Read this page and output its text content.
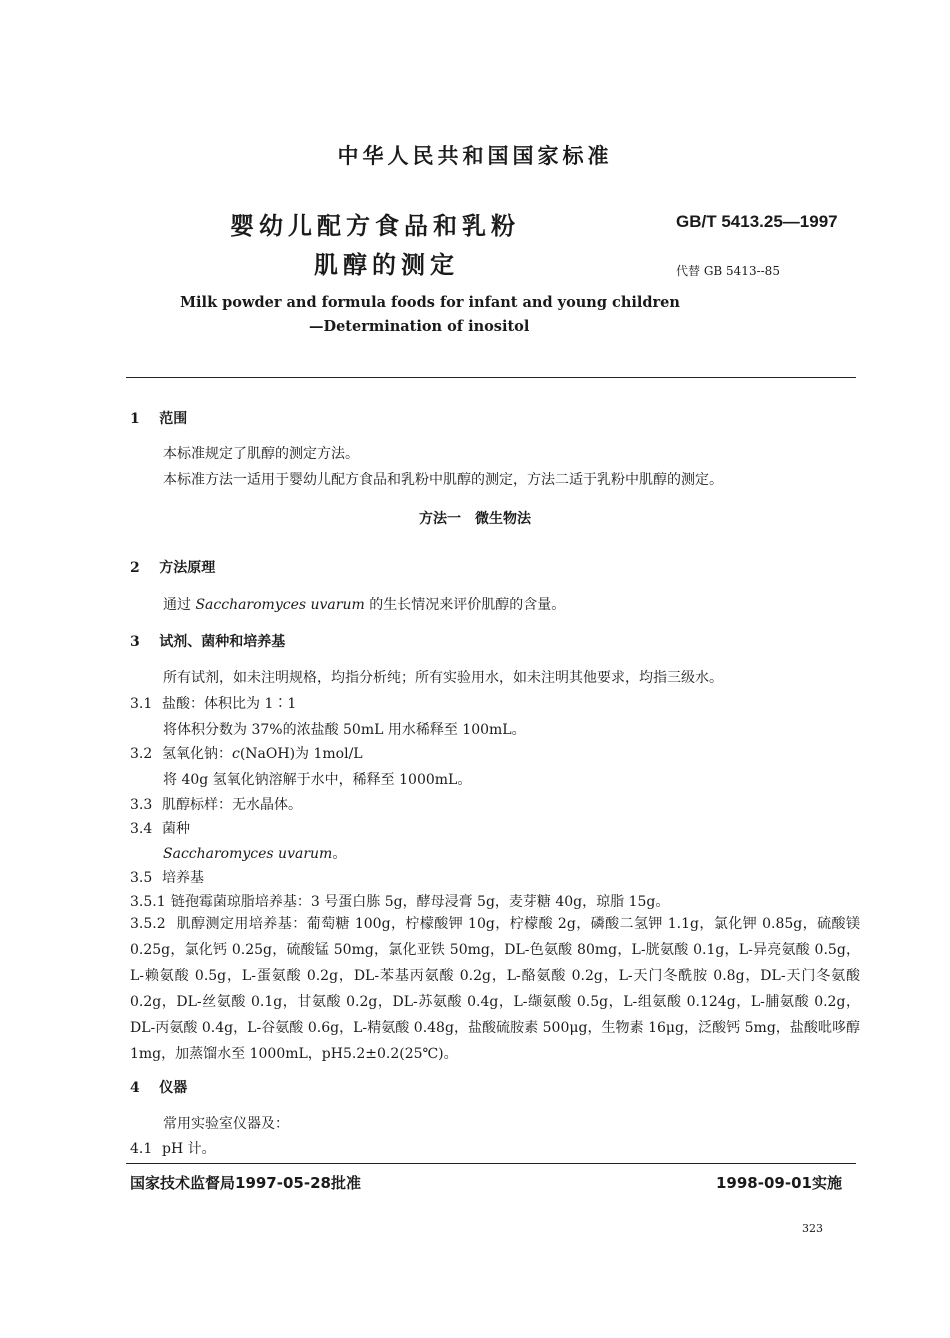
中华人民共和国国家标准
婴幼儿配方食品和乳粉
肌醇的测定
GB/T 5413.25—1997
代替 GB 5413--85
Milk powder and formula foods for infant and young children
—Determination of inositol
1 范围
本标准规定了肌醇的测定方法。
本标准方法一适用于婴幼儿配方食品和乳粉中肌醇的测定，方法二适于乳粉中肌醇的测定。
方法一　微生物法
2 方法原理
通过 Saccharomyces uvarum 的生长情况来评价肌醇的含量。
3 试剂、菌种和培养基
所有试剂，如未注明规格，均指分析纯；所有实验用水，如未注明其他要求，均指三级水。
3.1 盐酸：体积比为 1∶1
将体积分数为 37%的浓盐酸 50mL 用水稀释至 100mL。
3.2 氢氧化钠：c(NaOH)为 1mol/L
将 40g 氢氧化钠溶解于水中，稀释至 1000mL。
3.3 肌醇标样：无水晶体。
3.4 菌种
Saccharomyces uvarum。
3.5 培养基
3.5.1 链孢霉菌琼脂培养基：3 号蛋白胨 5g，酵母浸膏 5g，麦芽糖 40g，琼脂 15g。
3.5.2 肌醇测定用培养基：葡萄糖 100g，柠檬酸钾 10g，柠檬酸 2g，磷酸二氢钾 1.1g，氯化钾 0.85g，硫酸镁 0.25g，氯化钙 0.25g，硫酸锰 50mg，氯化亚铁 50mg，DL-色氨酸 80mg，L-胱氨酸 0.1g，L-异亮氨酸 0.5g，L-赖氨酸 0.5g，L-蛋氨酸 0.2g，DL-苯基丙氨酸 0.2g，L-酪氨酸 0.2g，L-天门冬酰胺 0.8g，DL-天门冬氨酸 0.2g，DL-丝氨酸 0.1g，甘氨酸 0.2g，DL-苏氨酸 0.4g，L-缬氨酸 0.5g，L-组氨酸 0.124g，L-脯氨酸 0.2g，DL-丙氨酸 0.4g，L-谷氨酸 0.6g，L-精氨酸 0.48g，盐酸硫胺素 500μg，生物素 16μg，泛酸钙 5mg，盐酸吡哆醇 1mg，加蒸馏水至 1000mL，pH5.2±0.2(25℃)。
4 仪器
常用实验室仪器及：
4.1 pH 计。
国家技术监督局1997-05-28批准	1998-09-01实施
323
